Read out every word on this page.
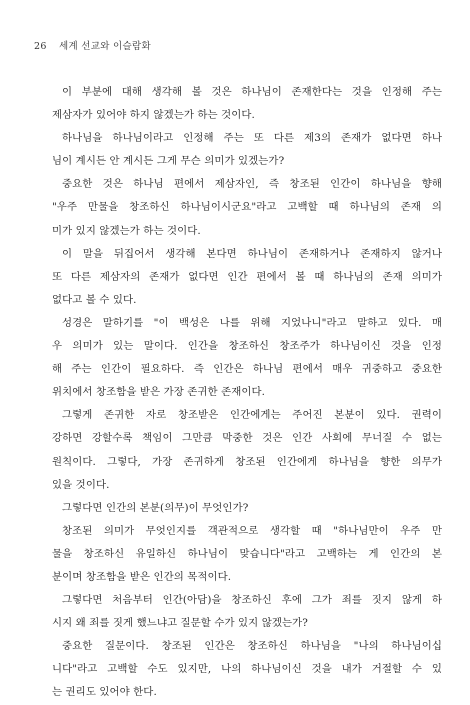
26 세계 선교와 이슬람화
이 부분에 대해 생각해 볼 것은 하나님이 존재한다는 것을 인정해 주는
제삼자가 있어야 하지 않겠는가 하는 것이다.
하나님을 하나님이라고 인정해 주는 또 다른 제3의 존재가 없다면 하나
님이 계시든 안 계시든 그게 무슨 의미가 있겠는가?
중요한 것은 하나님 편에서 제삼자인, 즉 창조된 인간이 하나님을 향해
"우주 만물을 창조하신 하나님이시군요"라고 고백할 때 하나님의 존재 의
미가 있지 않겠는가 하는 것이다.
이 말을 뒤집어서 생각해 본다면 하나님이 존재하거나 존재하지 않거나
또 다른 제삼자의 존재가 없다면 인간 편에서 볼 때 하나님의 존재 의미가
없다고 볼 수 있다.
성경은 말하기를 "이 백성은 나를 위해 지었나니"라고 말하고 있다. 매
우 의미가 있는 말이다. 인간을 창조하신 창조주가 하나님이신 것을 인정
해 주는 인간이 필요하다. 즉 인간은 하나님 편에서 매우 귀중하고 중요한
위치에서 창조함을 받은 가장 존귀한 존재이다.
그렇게 존귀한 자로 창조받은 인간에게는 주어진 본분이 있다. 권력이
강하면 강할수록 책임이 그만큼 막중한 것은 인간 사회에 무너질 수 없는
원칙이다. 그렇다, 가장 존귀하게 창조된 인간에게 하나님을 향한 의무가
있을 것이다.
그렇다면 인간의 본분(의무)이 무엇인가?
창조된 의미가 무엇인지를 객관적으로 생각할 때 "하나님만이 우주 만
물을 창조하신 유일하신 하나님이 맞습니다"라고 고백하는 게 인간의 본
분이며 창조함을 받은 인간의 목적이다.
그렇다면 처음부터 인간(아담)을 창조하신 후에 그가 죄를 짓지 않게 하
시지 왜 죄를 짓게 했느냐고 질문할 수가 있지 않겠는가?
중요한 질문이다. 창조된 인간은 창조하신 하나님을 "나의 하나님이십
니다"라고 고백할 수도 있지만, 나의 하나님이신 것을 내가 거절할 수 있
는 권리도 있어야 한다.
